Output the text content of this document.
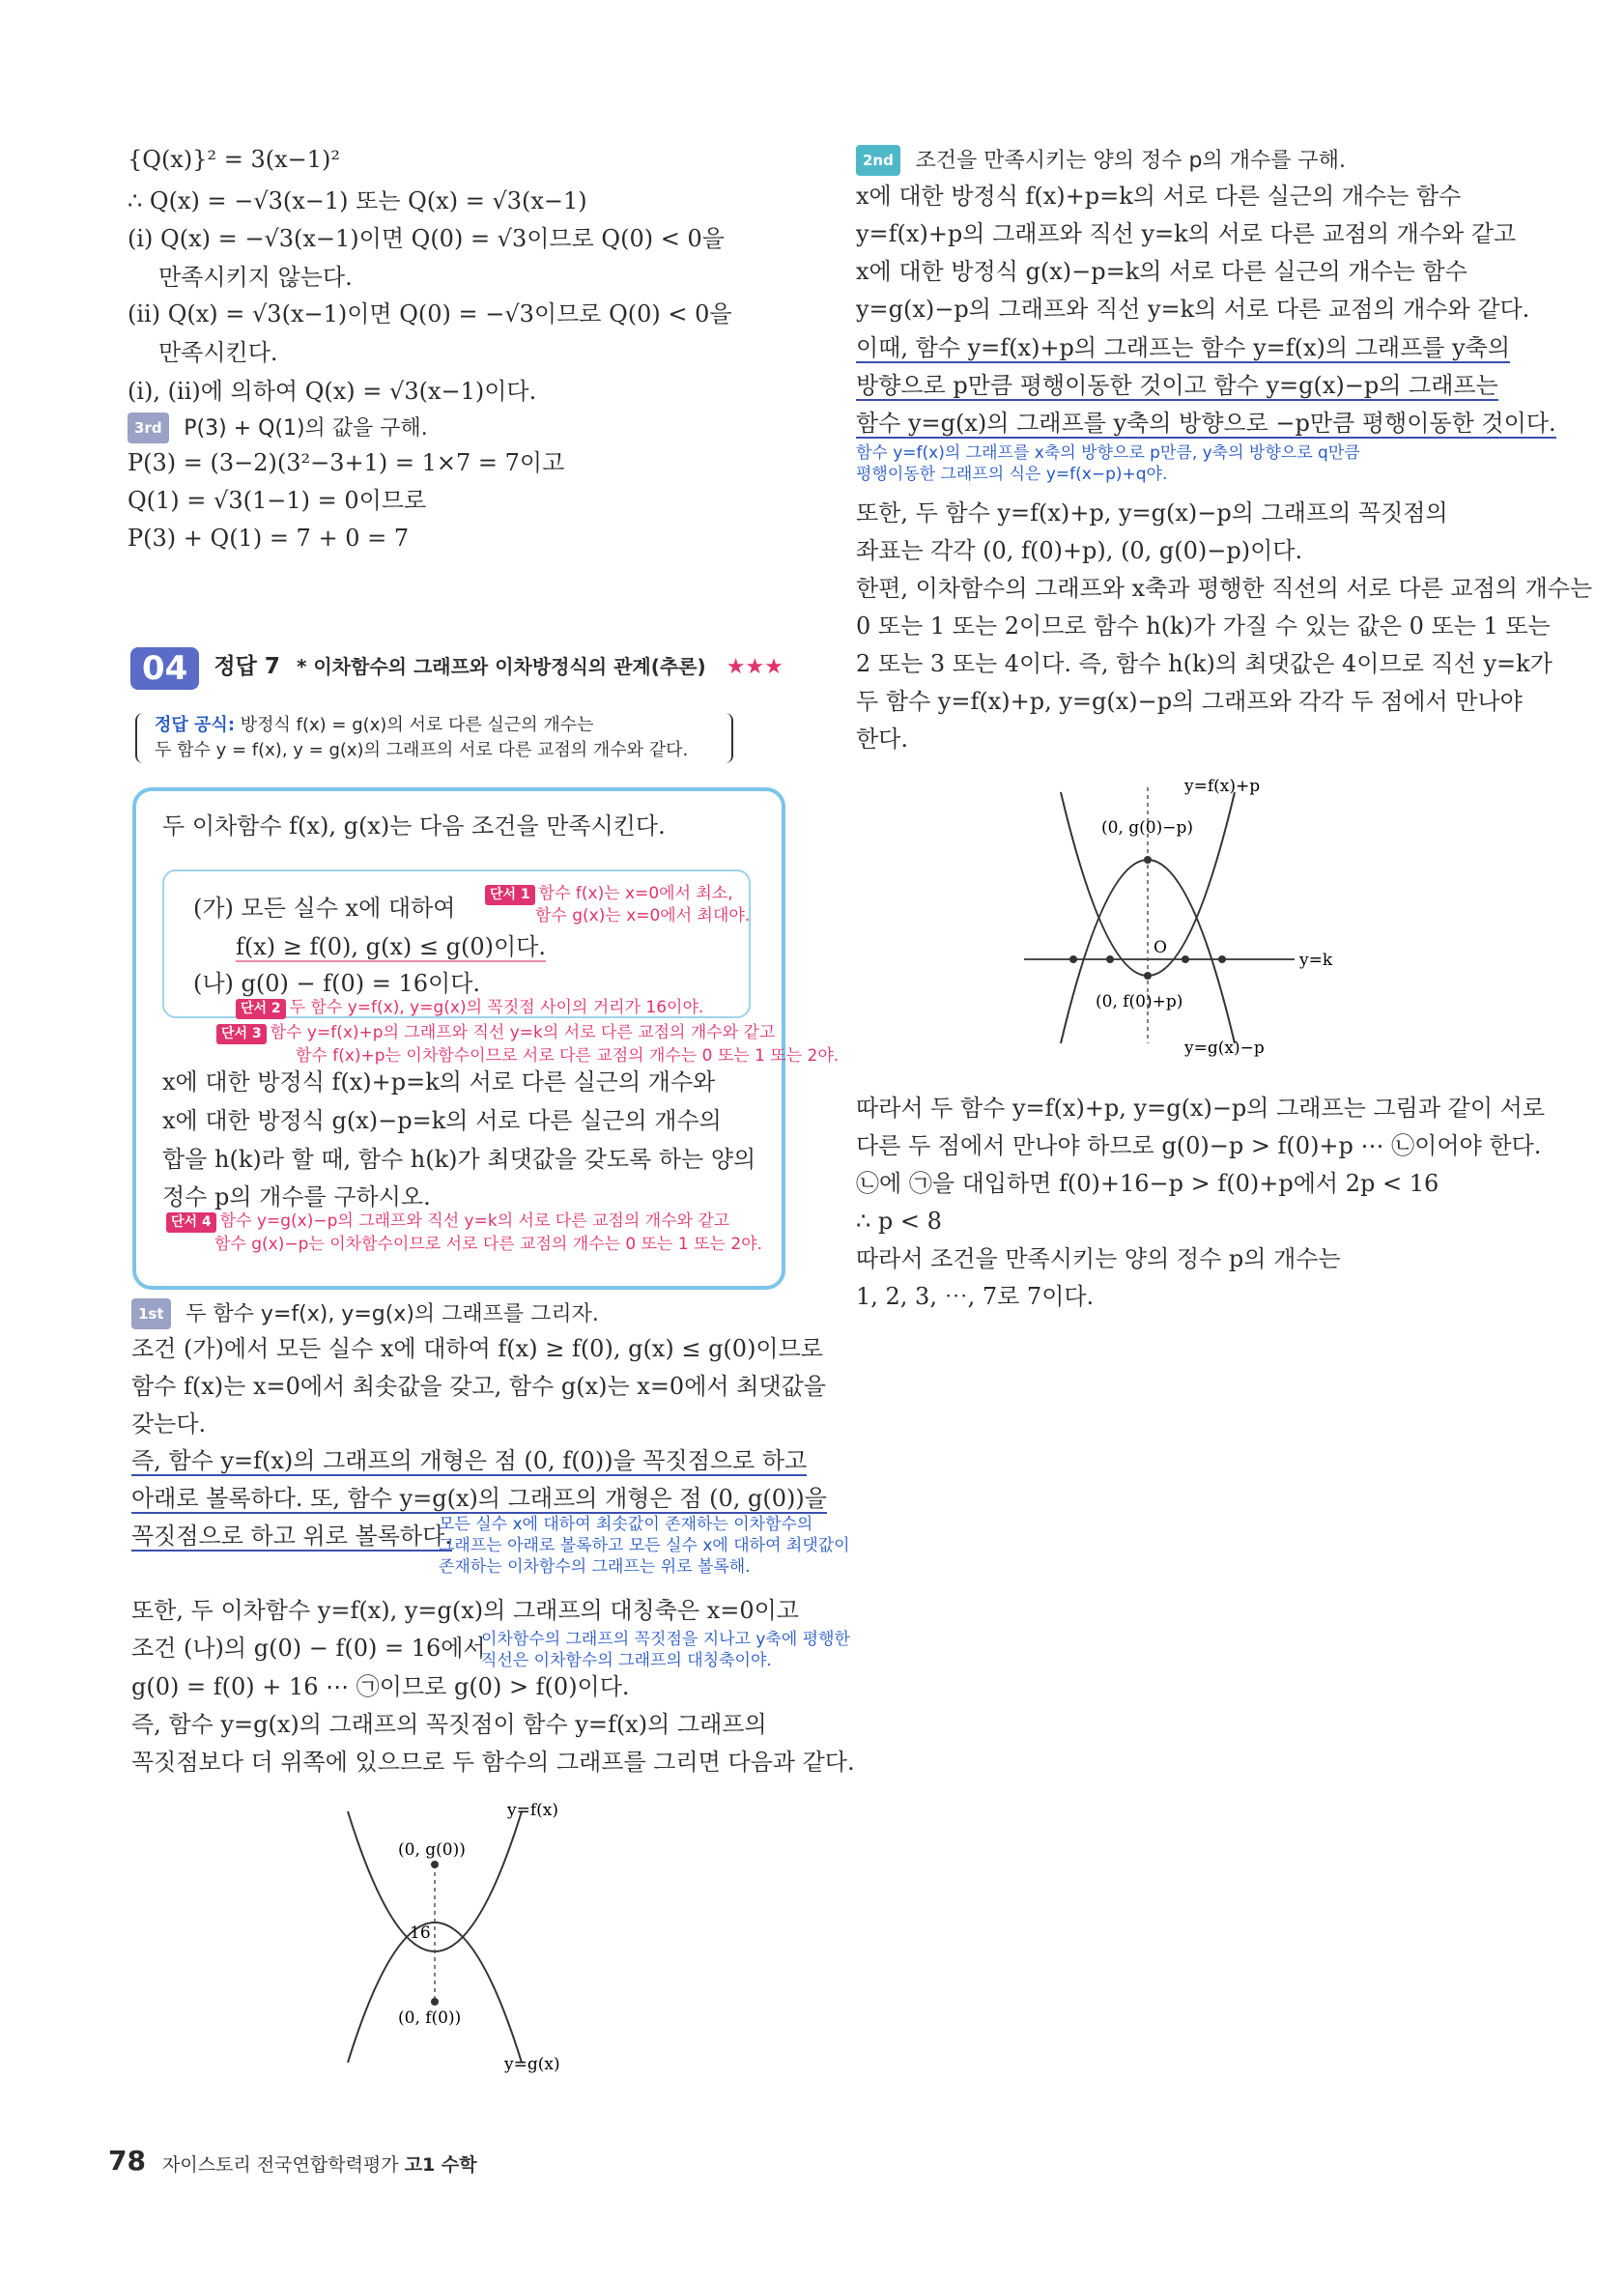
{Q(x)}² = 3(x−1)²
∴ Q(x) = −√3(x−1) 또는 Q(x) = √3(x−1)
(i) Q(x) = −√3(x−1)이면 Q(0) = √3이므로 Q(0) < 0을
만족시키지 않는다.
(ii) Q(x) = √3(x−1)이면 Q(0) = −√3이므로 Q(0) < 0을
만족시킨다.
(i), (ii)에 의하여 Q(x) = √3(x−1)이다.
3rd P(3) + Q(1)의 값을 구해.
P(3) = (3−2)(3²−3+1) = 1×7 = 7이고
Q(1) = √3(1−1) = 0이므로
P(3) + Q(1) = 7 + 0 = 7
04 정답 7 * 이차함수의 그래프와 이차방정식의 관계(추론) ★★★
정답 공식: 방정식 f(x) = g(x)의 서로 다른 실근의 개수는
두 함수 y = f(x), y = g(x)의 그래프의 서로 다른 교점의 개수와 같다.
두 이차함수 f(x), g(x)는 다음 조건을 만족시킨다.
(가) 모든 실수 x에 대하여
f(x) ≥ f(0), g(x) ≤ g(0)이다.
(나) g(0) − f(0) = 16이다.
단서 1 함수 f(x)는 x=0에서 최소,
함수 g(x)는 x=0에서 최대야.
단서 2 두 함수 y=f(x), y=g(x)의 꼭짓점 사이의 거리가 16이야.
단서 3 함수 y=f(x)+p의 그래프와 직선 y=k의 서로 다른 교점의 개수와 같고
함수 f(x)+p는 이차함수이므로 서로 다른 교점의 개수는 0 또는 1 또는 2야.
x에 대한 방정식 f(x)+p=k의 서로 다른 실근의 개수와
x에 대한 방정식 g(x)−p=k의 서로 다른 실근의 개수의
합을 h(k)라 할 때, 함수 h(k)가 최댓값을 갖도록 하는 양의
정수 p의 개수를 구하시오.
단서 4 함수 y=g(x)−p의 그래프와 직선 y=k의 서로 다른 교점의 개수와 같고
함수 g(x)−p는 이차함수이므로 서로 다른 교점의 개수는 0 또는 1 또는 2야.
1st 두 함수 y=f(x), y=g(x)의 그래프를 그리자.
조건 (가)에서 모든 실수 x에 대하여 f(x) ≥ f(0), g(x) ≤ g(0)이므로
함수 f(x)는 x=0에서 최솟값을 갖고, 함수 g(x)는 x=0에서 최댓값을
갖는다.
즉, 함수 y=f(x)의 그래프의 개형은 점 (0, f(0))을 꼭짓점으로 하고
아래로 볼록하다. 또, 함수 y=g(x)의 그래프의 개형은 점 (0, g(0))을
꼭짓점으로 하고 위로 볼록하다.
모든 실수 x에 대하여 최솟값이 존재하는 이차함수의
그래프는 아래로 볼록하고 모든 실수 x에 대하여 최댓값이
존재하는 이차함수의 그래프는 위로 볼록해.
또한, 두 이차함수 y=f(x), y=g(x)의 그래프의 대칭축은 x=0이고
조건 (나)의 g(0) − f(0) = 16에서
g(0) = f(0) + 16 ⋯ ㉠이므로 g(0) > f(0)이다.
즉, 함수 y=g(x)의 그래프의 꼭짓점이 함수 y=f(x)의 그래프의
꼭짓점보다 더 위쪽에 있으므로 두 함수의 그래프를 그리면 다음과 같다.
이차함수의 그래프의 꼭짓점을 지나고 y축에 평행한
직선은 이차함수의 그래프의 대칭축이야.
y=f(x)
y=g(x)
(0, g(0))
(0, f(0))
16
78 자이스토리 전국연합학력평가 고1 수학
2nd 조건을 만족시키는 양의 정수 p의 개수를 구해.
x에 대한 방정식 f(x)+p=k의 서로 다른 실근의 개수는 함수
y=f(x)+p의 그래프와 직선 y=k의 서로 다른 교점의 개수와 같고
x에 대한 방정식 g(x)−p=k의 서로 다른 실근의 개수는 함수
y=g(x)−p의 그래프와 직선 y=k의 서로 다른 교점의 개수와 같다.
이때, 함수 y=f(x)+p의 그래프는 함수 y=f(x)의 그래프를 y축의
방향으로 p만큼 평행이동한 것이고 함수 y=g(x)−p의 그래프는
함수 y=g(x)의 그래프를 y축의 방향으로 −p만큼 평행이동한 것이다.
함수 y=f(x)의 그래프를 x축의 방향으로 p만큼, y축의 방향으로 q만큼
평행이동한 그래프의 식은 y=f(x−p)+q야.
또한, 두 함수 y=f(x)+p, y=g(x)−p의 그래프의 꼭짓점의
좌표는 각각 (0, f(0)+p), (0, g(0)−p)이다.
한편, 이차함수의 그래프와 x축과 평행한 직선의 서로 다른 교점의 개수는
0 또는 1 또는 2이므로 함수 h(k)가 가질 수 있는 값은 0 또는 1 또는
2 또는 3 또는 4이다. 즉, 함수 h(k)의 최댓값은 4이므로 직선 y=k가
두 함수 y=f(x)+p, y=g(x)−p의 그래프와 각각 두 점에서 만나야
한다.
y=f(x)+p
y=g(x)−p
y=k
(0, g(0)−p)
(0, f(0)+p)
O
따라서 두 함수 y=f(x)+p, y=g(x)−p의 그래프는 그림과 같이 서로
다른 두 점에서 만나야 하므로 g(0)−p > f(0)+p ⋯ ㉡이어야 한다.
㉡에 ㉠을 대입하면 f(0)+16−p > f(0)+p에서 2p < 16
∴ p < 8
따라서 조건을 만족시키는 양의 정수 p의 개수는
1, 2, 3, ⋯, 7로 7이다.
